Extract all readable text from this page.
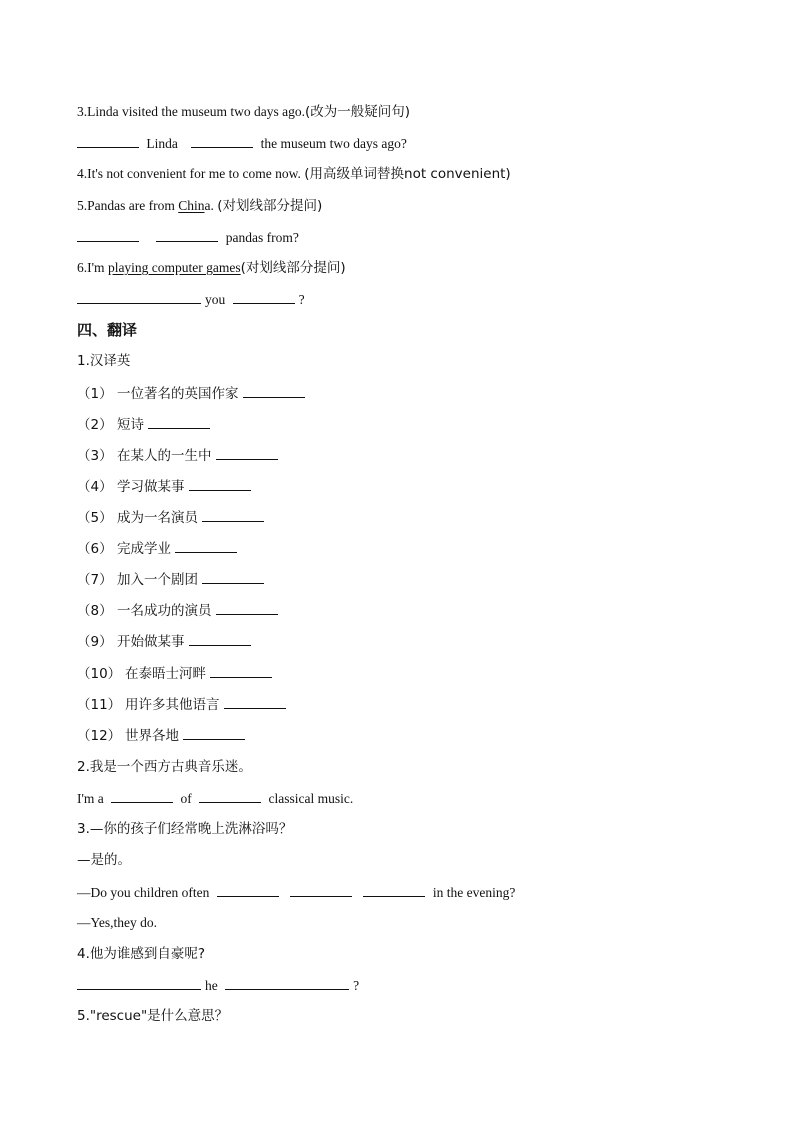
3.Linda visited the museum two days ago.(改为一般疑问句)
Linda	the museum two days ago?
4.It's not convenient for me to come now. (用高级单词替换not convenient)
5.Pandas are from China. (对划线部分提问)
pandas from?
6.I'm playing computer games(对划线部分提问)
you	?
四、翻译
1.汉译英
（1） 一位著名的英国作家
（2） 短诗
（3） 在某人的一生中
（4） 学习做某事
（5） 成为一名演员
（6） 完成学业
（7） 加入一个剧团
（8） 一名成功的演员
（9） 开始做某事
（10） 在泰晤士河畔
（11） 用许多其他语言
（12） 世界各地
2.我是一个西方古典音乐迷。
I'm a	of	classical music.
3.—你的孩子们经常晚上洗淋浴吗？
—是的。
—Do you children often	in the evening?
—Yes,they do.
4.他为谁感到自豪呢?
he	?
5."rescue"是什么意思？
